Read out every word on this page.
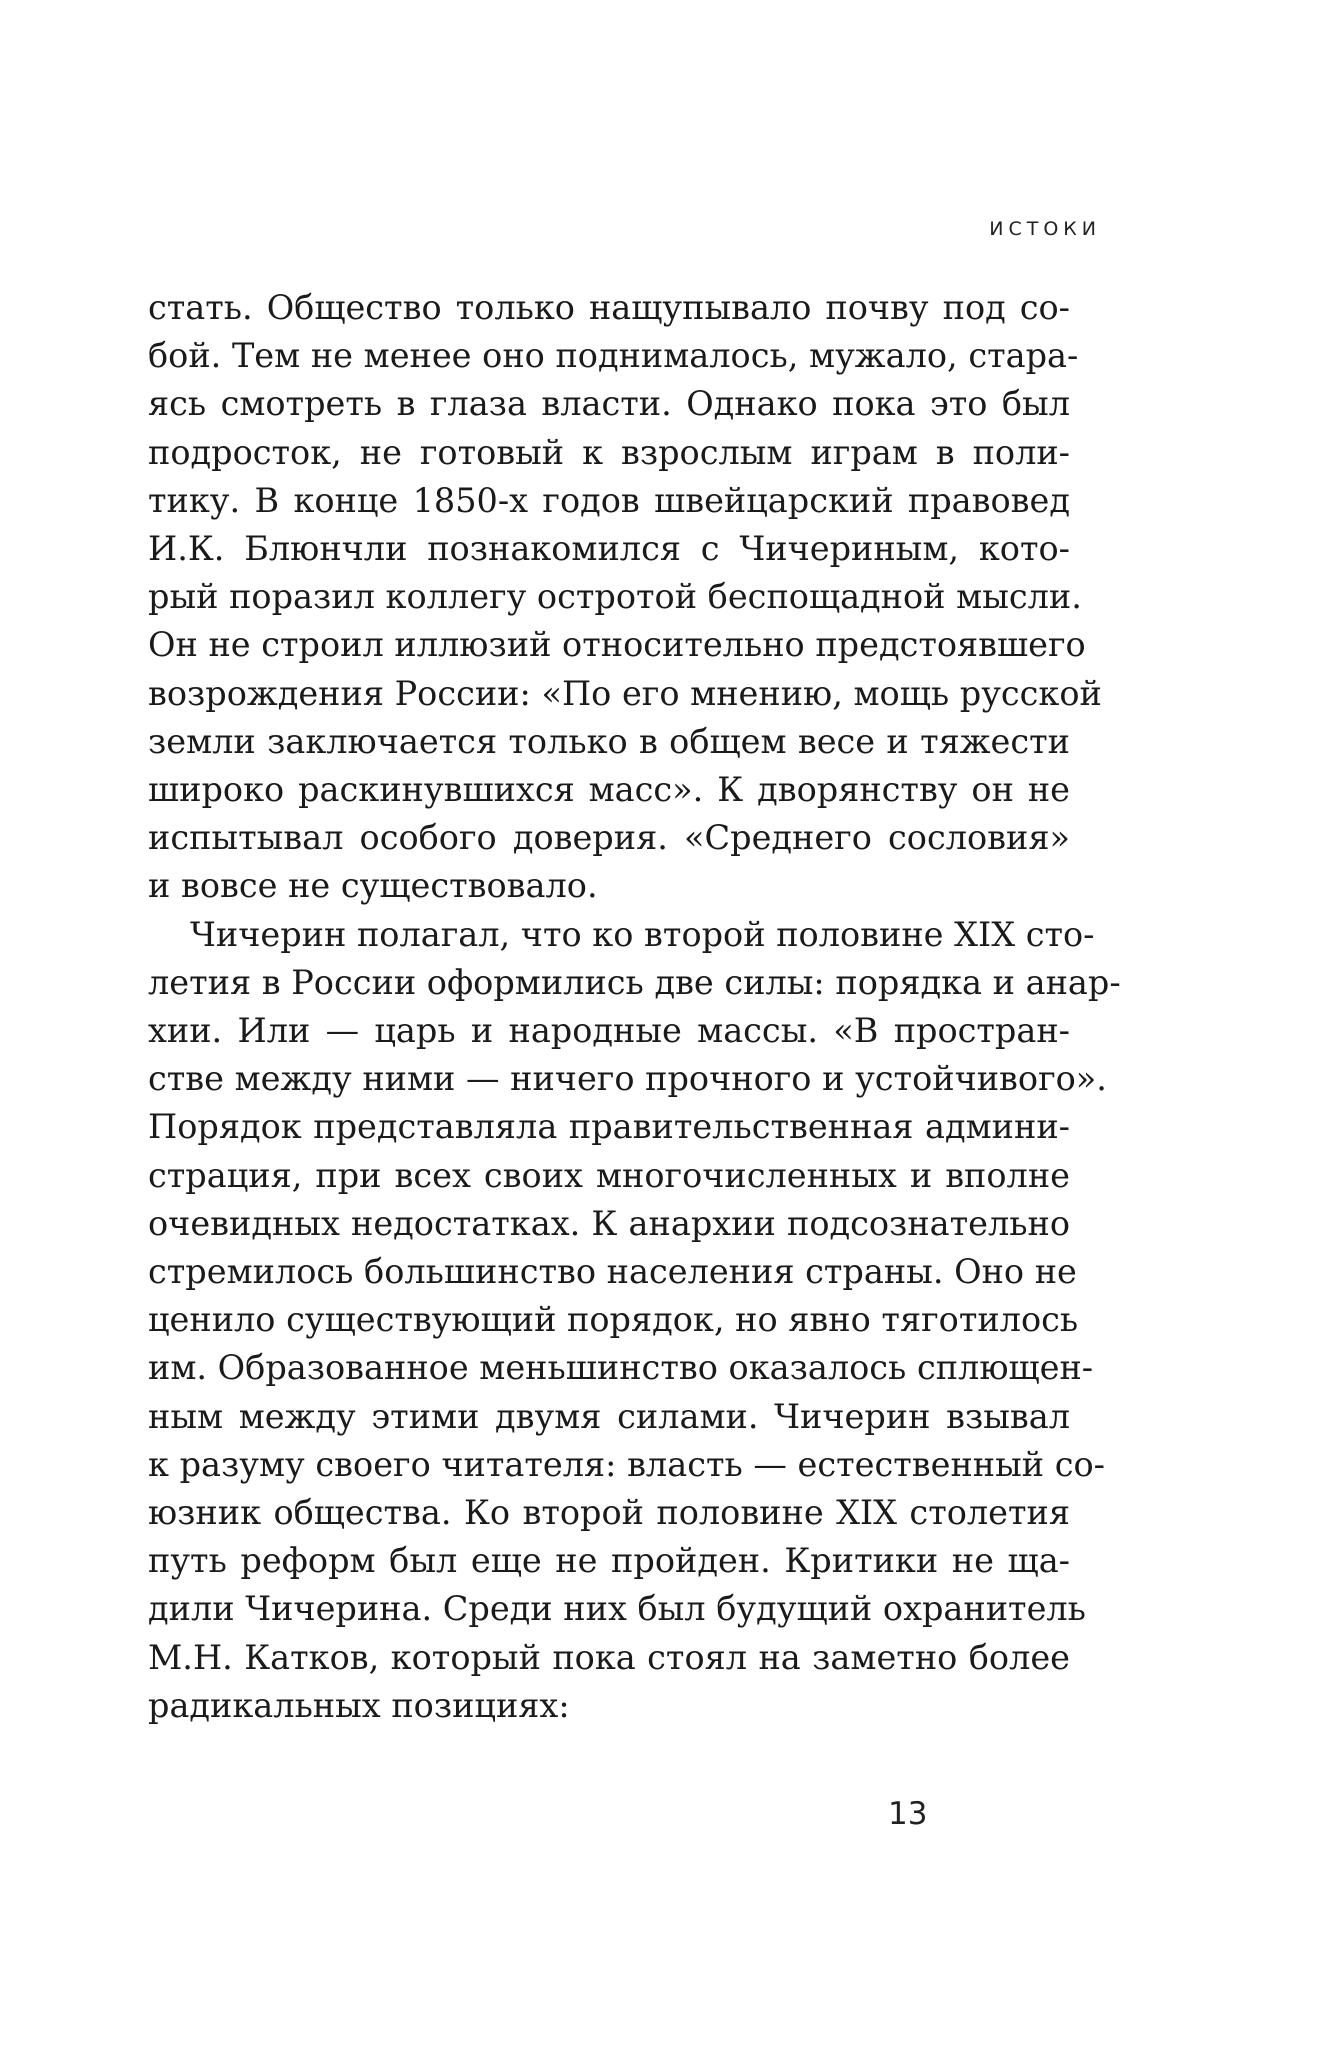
ИСТОКИ

стать. Общество только нащупывало почву под со-
бой. Тем не менее оно поднималось, мужало, стара-
ясь смотреть в глаза власти. Однако пока это был
подросток, не готовый к взрослым играм в поли-
тику. В конце 1850-х годов швейцарский правовед
И.К. Блюнчли познакомился с Чичериным, кото-
рый поразил коллегу остротой беспощадной мысли.
Он не строил иллюзий относительно предстоявшего
возрождения России: «По его мнению, мощь русской
земли заключается только в общем весе и тяжести
широко раскинувшихся масс». К дворянству он не
испытывал особого доверия. «Среднего сословия»
и вовсе не существовало.

Чичерин полагал, что ко второй половине XIX сто-
летия в России оформились две силы: порядка и анар-
хии. Или — царь и народные массы. «В простран-
стве между ними — ничего прочного и устойчивого».
Порядок представляла правительственная админи-
страция, при всех своих многочисленных и вполне
очевидных недостатках. К анархии подсознательно
стремилось большинство населения страны. Оно не
ценило существующий порядок, но явно тяготилось
им. Образованное меньшинство оказалось сплющен-
ным между этими двумя силами. Чичерин взывал
к разуму своего читателя: власть — естественный со-
юзник общества. Ко второй половине XIX столетия
путь реформ был еще не пройден. Критики не ща-
дили Чичерина. Среди них был будущий охранитель
М.Н. Катков, который пока стоял на заметно более
радикальных позициях:

13
